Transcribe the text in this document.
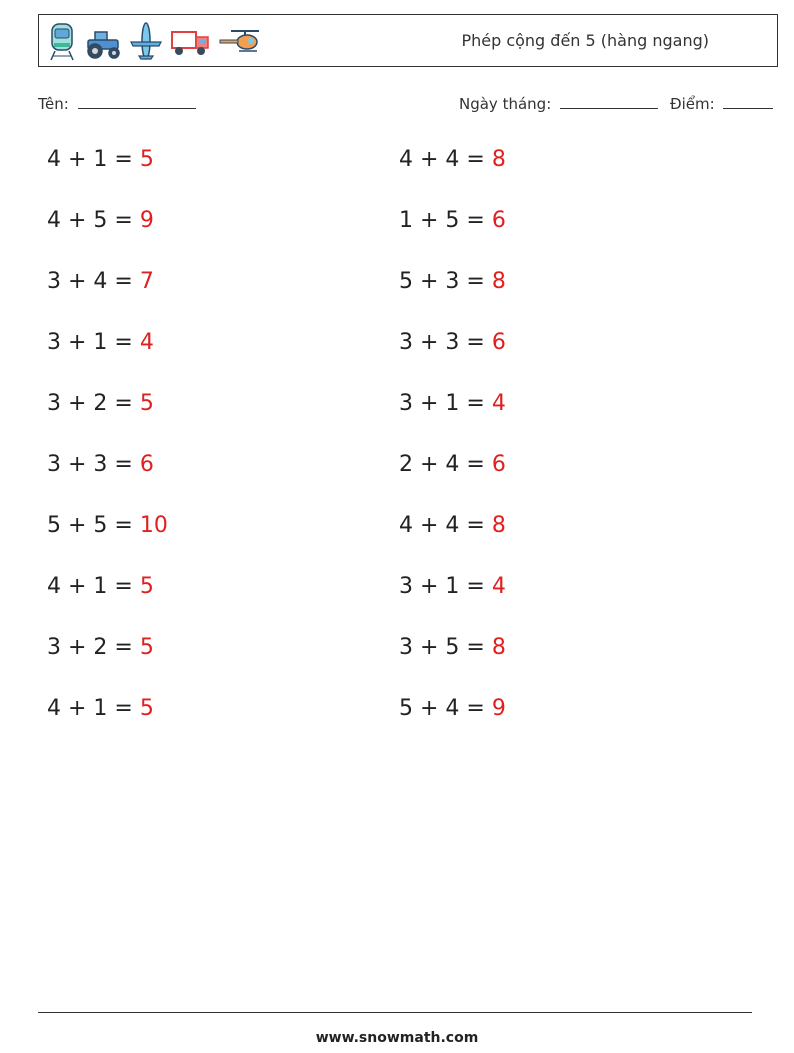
Phép cộng đến 5 (hàng ngang)
Tên:	Ngày tháng:	Điểm:
4 + 1 = 5	4 + 4 = 8
4 + 5 = 9	1 + 5 = 6
3 + 4 = 7	5 + 3 = 8
3 + 1 = 4	3 + 3 = 6
3 + 2 = 5	3 + 1 = 4
3 + 3 = 6	2 + 4 = 6
5 + 5 = 10	4 + 4 = 8
4 + 1 = 5	3 + 1 = 4
3 + 2 = 5	3 + 5 = 8
4 + 1 = 5	5 + 4 = 9
www.snowmath.com
